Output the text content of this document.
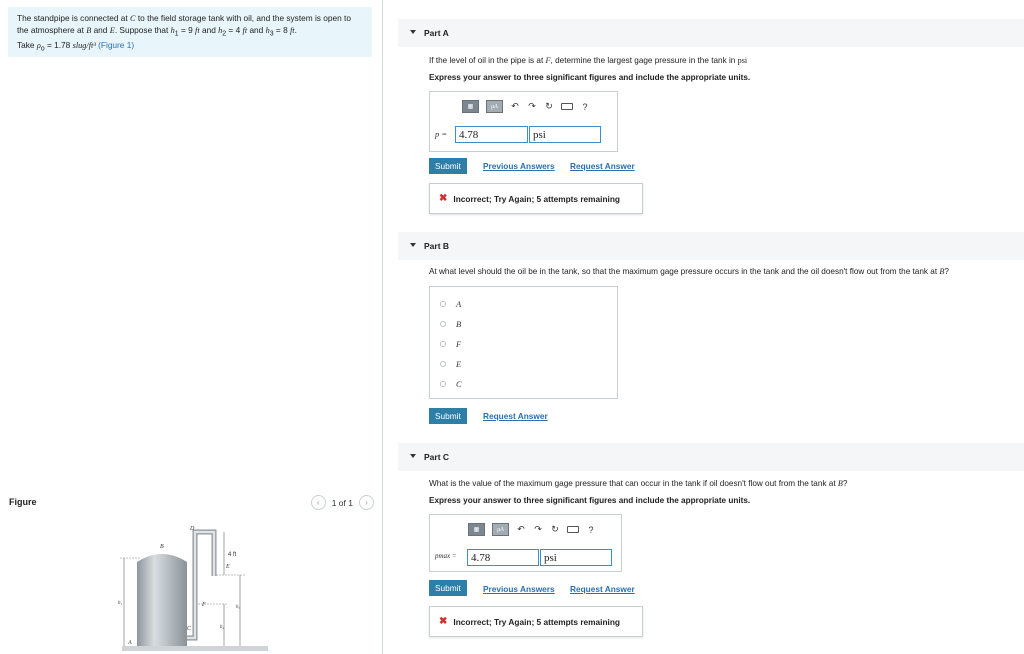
The standpipe is connected at C to the field storage tank with oil, and the system is open to the atmosphere at B and E. Suppose that $h_1 = 9$ ft and $h_2 = 4$ ft and $h_3 = 8$ ft.
Take $\rho_o = 1.78$ slug/ft³ (Figure 1)
Figure	‹	1 of 1	›
D
B
E
4 ft
F
C
A
h₁
h₂
h₃
Part A
If the level of oil in the pipe is at F, determine the largest gage pressure in the tank in psi
Express your answer to three significant figures and include the appropriate units.
▦	μA	↶ ↷ ↻	?
p =	4.78	psi
Submit	Previous Answers Request Answer
✖ Incorrect; Try Again; 5 attempts remaining
Part B
At what level should the oil be in the tank, so that the maximum gage pressure occurs in the tank and the oil doesn't flow out from the tank at B?
A
B
F
E
C
Submit	Request Answer
Part C
What is the value of the maximum gage pressure that can occur in the tank if oil doesn't flow out from the tank at B?
Express your answer to three significant figures and include the appropriate units.
▦	μA	↶ ↷ ↻	?
pmax =	4.78	psi
Submit	Previous Answers Request Answer
✖ Incorrect; Try Again; 5 attempts remaining
